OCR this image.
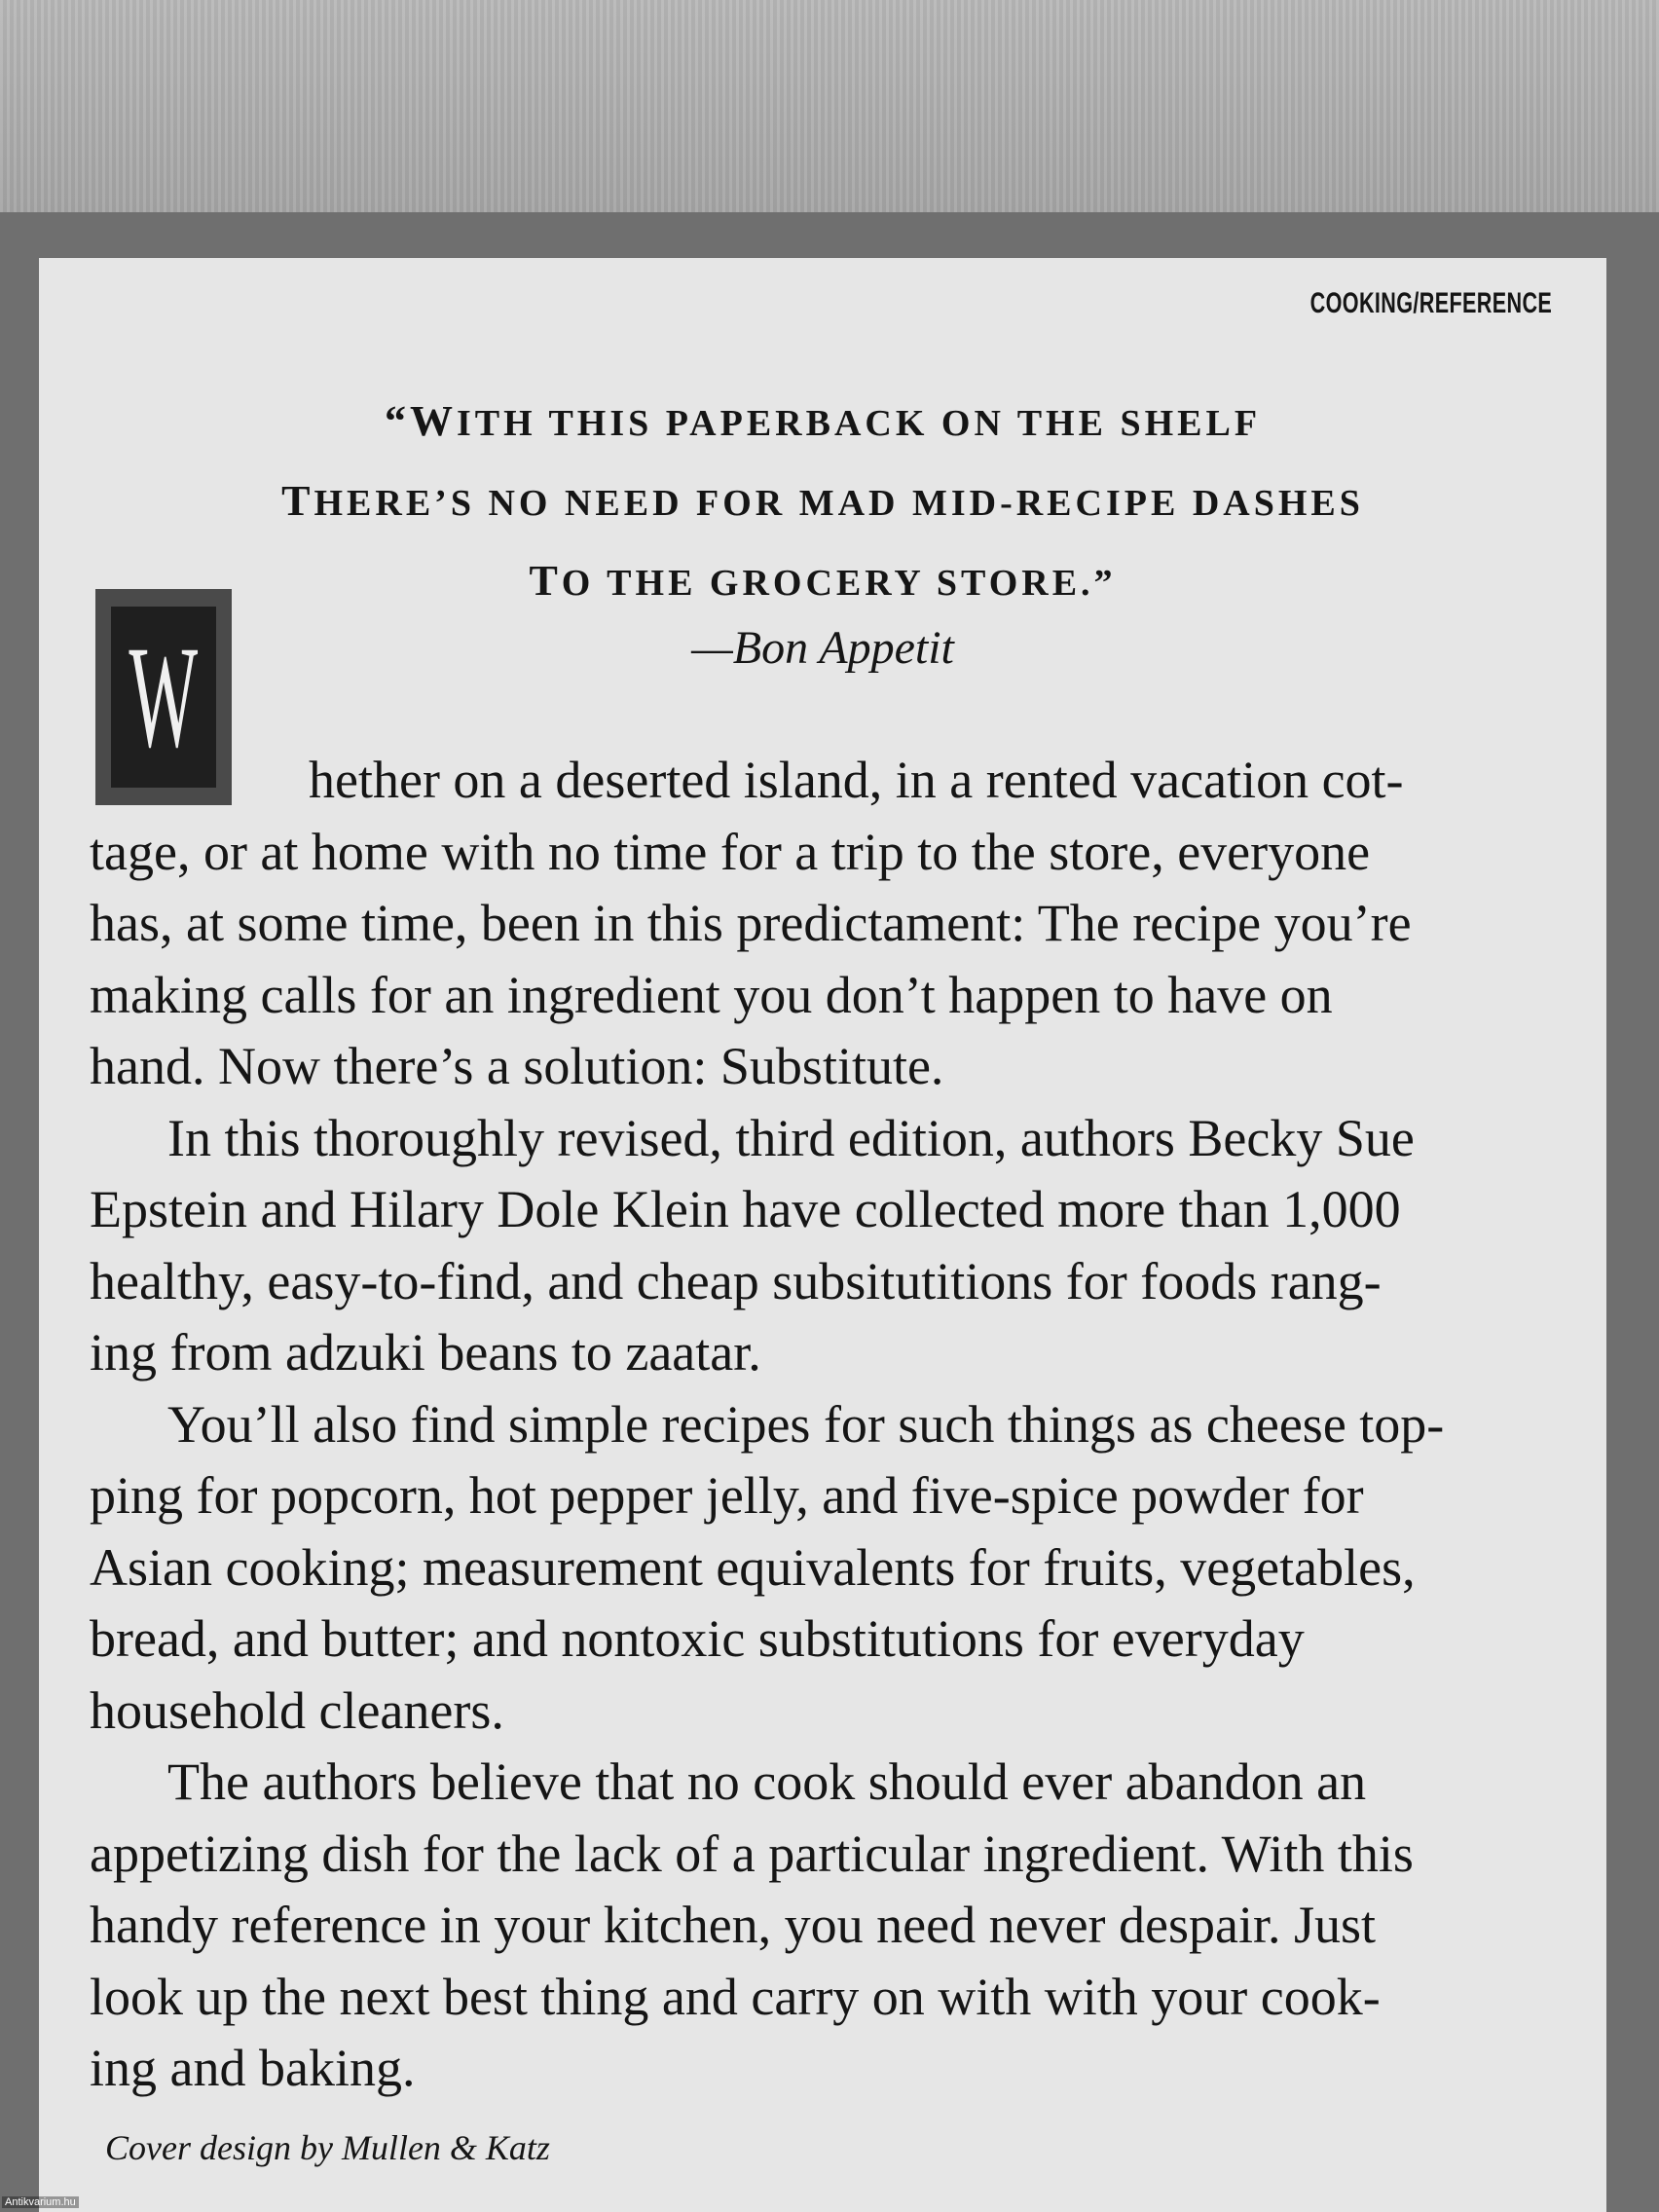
COOKING/REFERENCE

“WITH THIS PAPERBACK ON THE SHELF
THERE’S NO NEED FOR MAD MID-RECIPE DASHES
TO THE GROCERY STORE.”
—Bon Appetit
W

hether on a deserted island, in a rented vacation cot-

tage, or at home with no time for a trip to the store, everyone

has, at some time, been in this predictament: The recipe you’re

making calls for an ingredient you don’t happen to have on

hand. Now there’s a solution: Substitute.

In this thoroughly revised, third edition, authors Becky Sue

Epstein and Hilary Dole Klein have collected more than 1,000

healthy, easy-to-find, and cheap subsitutitions for foods rang-

ing from adzuki beans to zaatar.

You’ll also find simple recipes for such things as cheese top-

ping for popcorn, hot pepper jelly, and five-spice powder for

Asian cooking; measurement equivalents for fruits, vegetables,

bread, and butter; and nontoxic substitutions for everyday

household cleaners.

The authors believe that no cook should ever abandon an

appetizing dish for the lack of a particular ingredient. With this

handy reference in your kitchen, you need never despair. Just

look up the next best thing and carry on with with your cook-

ing and baking.

Cover design by Mullen & Katz

Antikvarium.hu
